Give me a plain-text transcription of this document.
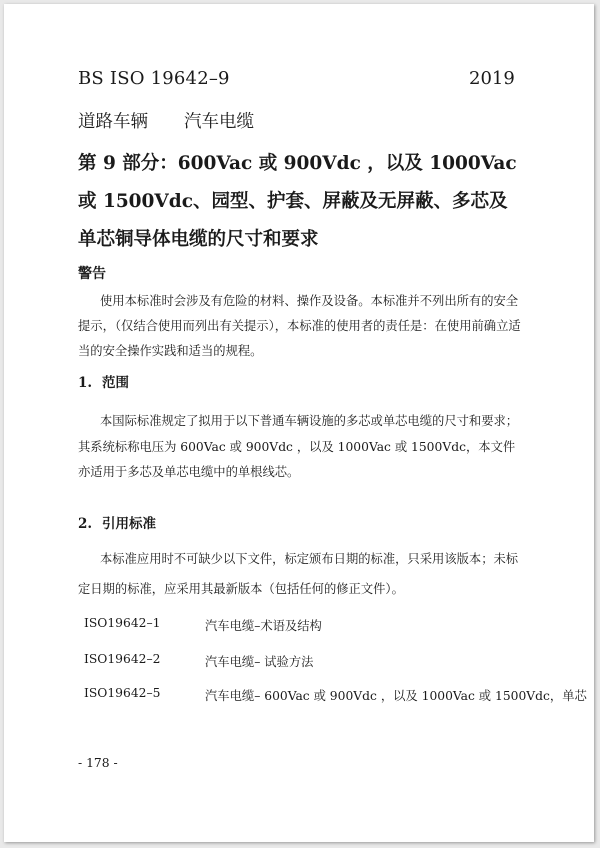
BS ISO 19642–9	2019
道路车辆 汽车电缆
第 9 部分：600Vac 或 900Vdc ，以及 1000Vac 或 1500Vdc、园型、护套、屏蔽及无屏蔽、多芯及单芯铜导体电缆的尺寸和要求
警告
使用本标准时会涉及有危险的材料、操作及设备。本标准并不列出所有的安全提示，（仅结合使用而列出有关提示），本标准的使用者的责任是：在使用前确立适当的安全操作实践和适当的规程。
1. 范围
本国际标准规定了拟用于以下普通车辆设施的多芯或单芯电缆的尺寸和要求；其系统标称电压为 600Vac 或 900Vdc ，以及 1000Vac 或 1500Vdc，本文件亦适用于多芯及单芯电缆中的单根线芯。
2. 引用标准
本标准应用时不可缺少以下文件，标定颁布日期的标准，只采用该版本；未标定日期的标准，应采用其最新版本（包括任何的修正文件）。
ISO19642–1	汽车电缆–术语及结构
ISO19642–2	汽车电缆– 试验方法
ISO19642–5	汽车电缆– 600Vac 或 900Vdc ，以及 1000Vac 或 1500Vdc，单芯
- 178 -
